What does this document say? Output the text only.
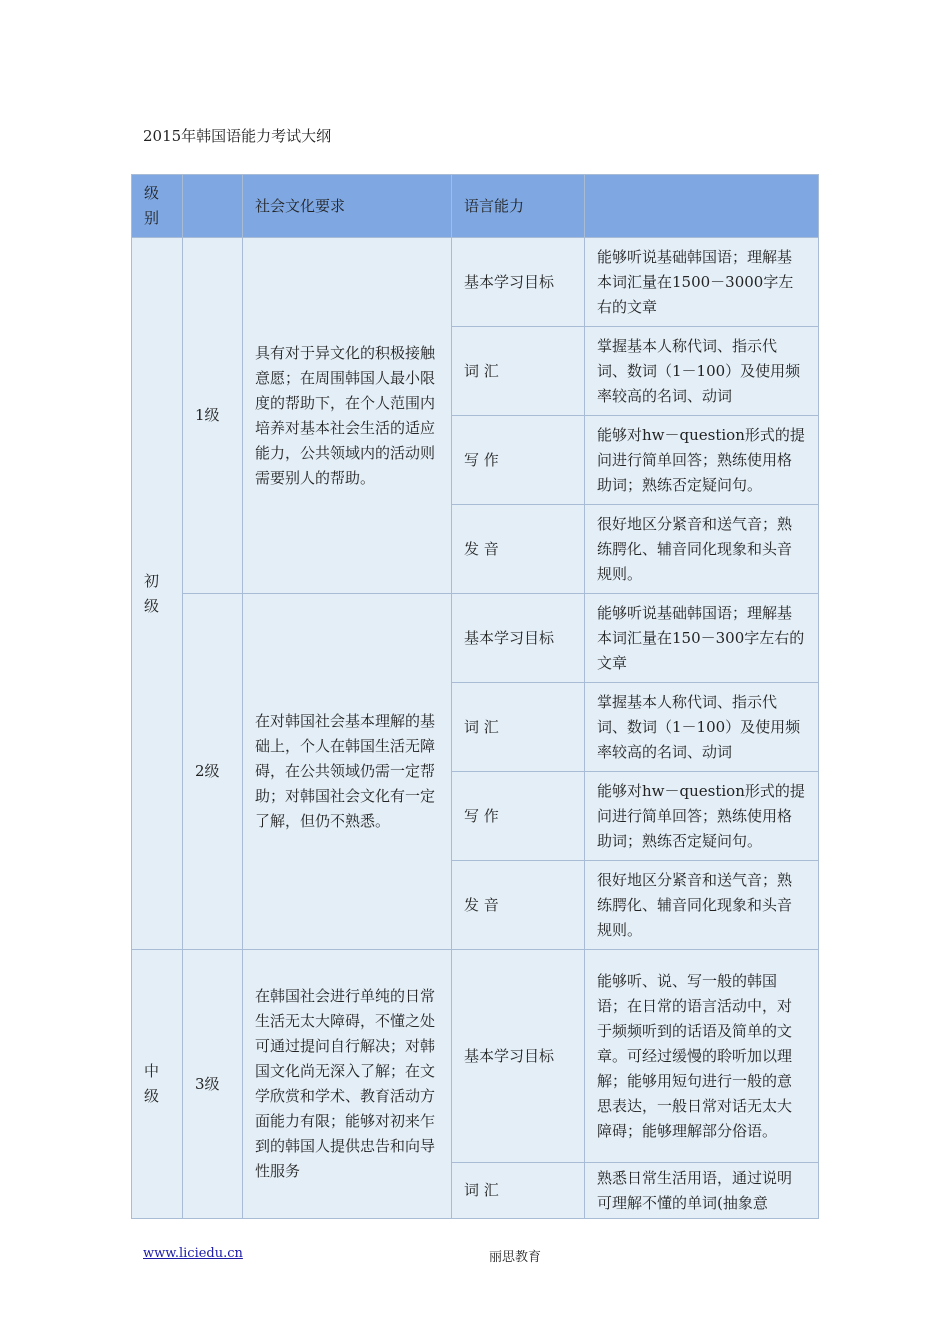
2015年韩国语能力考试大纲
级别		社会文化要求	语言能力	
初级	1级	具有对于异文化的积极接触意愿；在周围韩国人最小限度的帮助下，在个人范围内培养对基本社会生活的适应能力，公共领域内的活动则需要别人的帮助。	基本学习目标	能够听说基础韩国语；理解基本词汇量在1500－3000字左右的文章
			词 汇	掌握基本人称代词、指示代词、数词（1－100）及使用频率较高的名词、动词
			写 作	能够对hw－question形式的提问进行简单回答；熟练使用格助词；熟练否定疑问句。
			发 音	很好地区分紧音和送气音；熟练腭化、辅音同化现象和头音规则。
	2级	在对韩国社会基本理解的基础上，个人在韩国生活无障碍，在公共领域仍需一定帮助；对韩国社会文化有一定了解，但仍不熟悉。	基本学习目标	能够听说基础韩国语；理解基本词汇量在150－300字左右的文章
			词 汇	掌握基本人称代词、指示代词、数词（1－100）及使用频率较高的名词、动词
			写 作	能够对hw－question形式的提问进行简单回答；熟练使用格助词；熟练否定疑问句。
			发 音	很好地区分紧音和送气音；熟练腭化、辅音同化现象和头音规则。
中级	3级	在韩国社会进行单纯的日常生活无太大障碍，不懂之处可通过提问自行解决；对韩国文化尚无深入了解；在文学欣赏和学术、教育活动方面能力有限；能够对初来乍到的韩国人提供忠告和向导性服务	基本学习目标	能够听、说、写一般的韩国语；在日常的语言活动中，对于频频听到的话语及简单的文章。可经过缓慢的聆听加以理解；能够用短句进行一般的意思表达，一般日常对话无太大障碍；能够理解部分俗语。
			词 汇	熟悉日常生活用语，通过说明可理解不懂的单词(抽象意
www.liciedu.cn	丽思教育
